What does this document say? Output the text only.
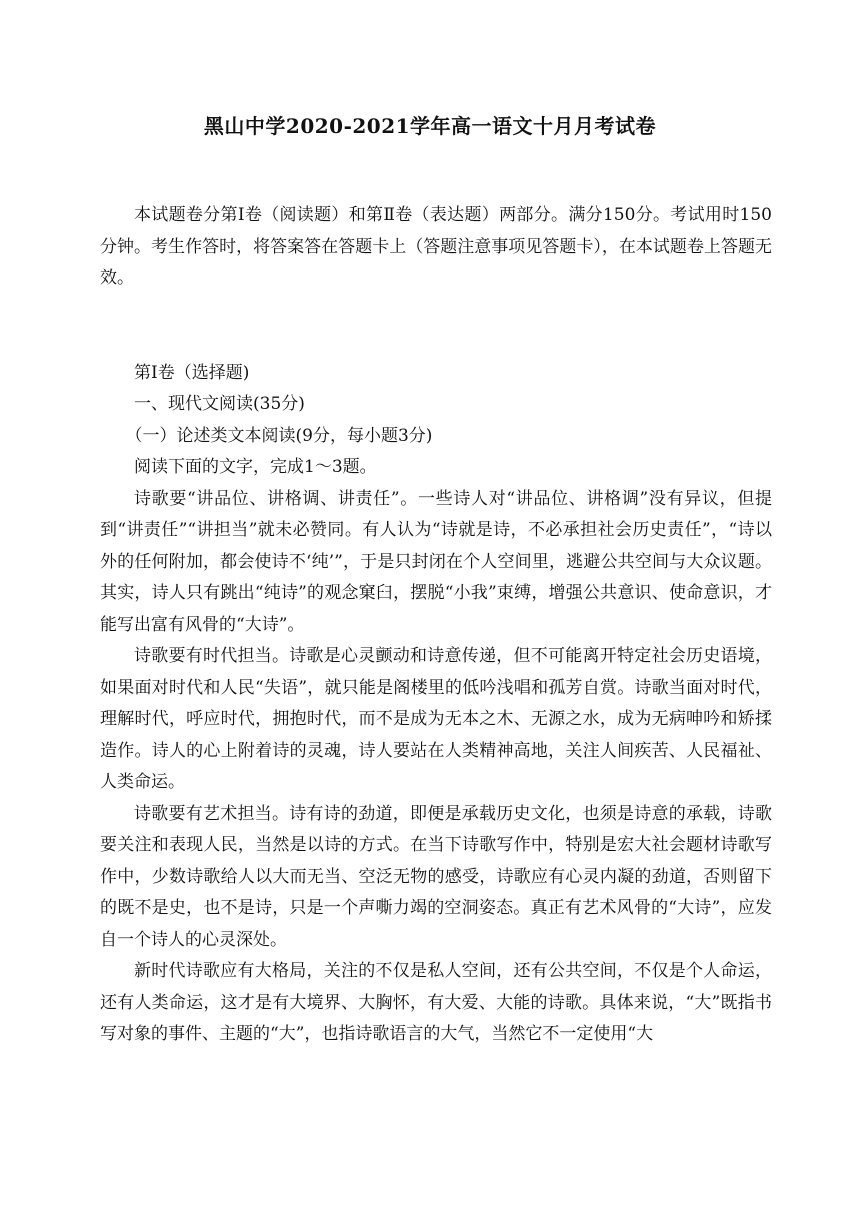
黑山中学2020-2021学年高一语文十月月考试卷

本试题卷分第Ⅰ卷（阅读题）和第Ⅱ卷（表达题）两部分。满分150分。考试用时150分钟。考生作答时，将答案答在答题卡上（答题注意事项见答题卡），在本试题卷上答题无效。

第Ⅰ卷（选择题)

一、现代文阅读(35分)

（一）论述类文本阅读(9分，每小题3分)

阅读下面的文字，完成1～3题。

诗歌要“讲品位、讲格调、讲责任”。一些诗人对“讲品位、讲格调”没有异议，但提到“讲责任”“讲担当”就未必赞同。有人认为“诗就是诗，不必承担社会历史责任”，“诗以外的任何附加，都会使诗不‘纯’”，于是只封闭在个人空间里，逃避公共空间与大众议题。其实，诗人只有跳出“纯诗”的观念窠臼，摆脱“小我”束缚，增强公共意识、使命意识，才能写出富有风骨的“大诗”。

诗歌要有时代担当。诗歌是心灵颤动和诗意传递，但不可能离开特定社会历史语境，如果面对时代和人民“失语”，就只能是阁楼里的低吟浅唱和孤芳自赏。诗歌当面对时代，理解时代，呼应时代，拥抱时代，而不是成为无本之木、无源之水，成为无病呻吟和矫揉造作。诗人的心上附着诗的灵魂，诗人要站在人类精神高地，关注人间疾苦、人民福祉、人类命运。

诗歌要有艺术担当。诗有诗的劲道，即便是承载历史文化，也须是诗意的承载，诗歌要关注和表现人民，当然是以诗的方式。在当下诗歌写作中，特别是宏大社会题材诗歌写作中，少数诗歌给人以大而无当、空泛无物的感受，诗歌应有心灵内凝的劲道，否则留下的既不是史，也不是诗，只是一个声嘶力竭的空洞姿态。真正有艺术风骨的“大诗”，应发自一个诗人的心灵深处。

新时代诗歌应有大格局，关注的不仅是私人空间，还有公共空间，不仅是个人命运，还有人类命运，这才是有大境界、大胸怀，有大爱、大能的诗歌。具体来说，“大”既指书写对象的事件、主题的“大”，也指诗歌语言的大气，当然它不一定使用“大
